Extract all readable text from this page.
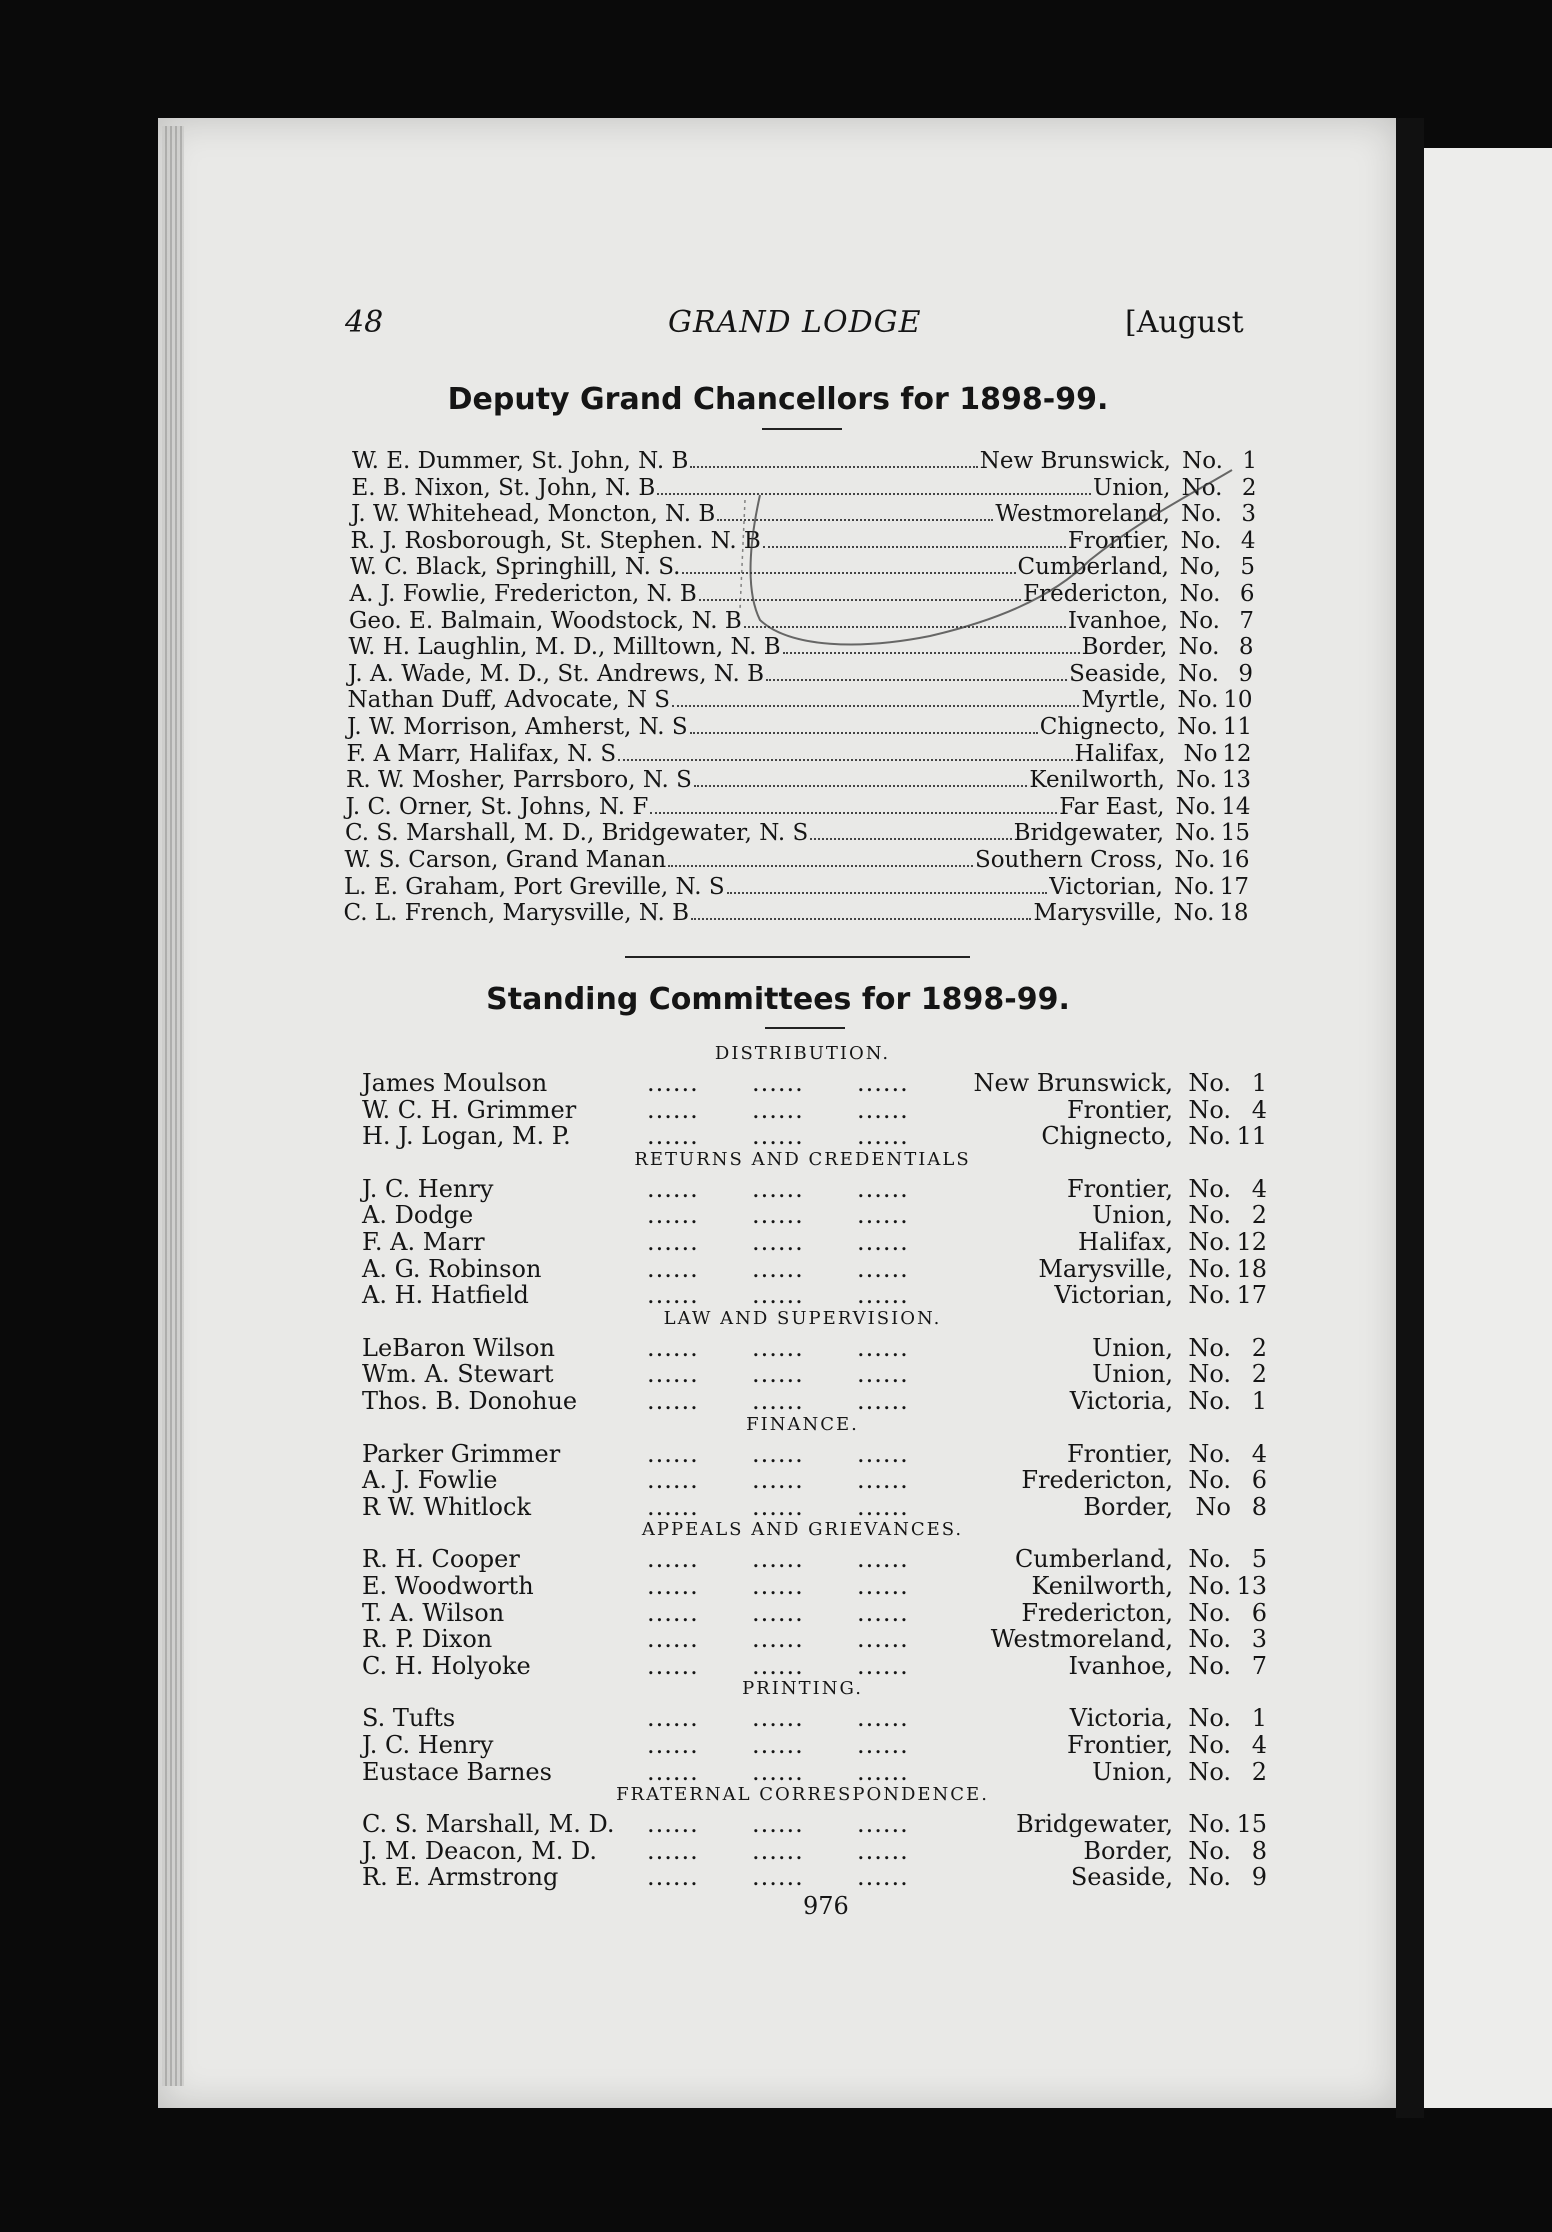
48	GRAND LODGE	[August
Deputy Grand Chancellors for 1898-99.
W. E. Dummer, St. John, N. B	New Brunswick, No. 1
E. B. Nixon, St. John, N. B	Union, No. 2
J. W. Whitehead, Moncton, N. B	Westmoreland, No. 3
R. J. Rosborough, St. Stephen. N. B	Frontier, No. 4
W. C. Black, Springhill, N. S.	Cumberland, No, 5
A. J. Fowlie, Fredericton, N. B	Fredericton, No. 6
Geo. E. Balmain, Woodstock, N. B	Ivanhoe, No. 7
W. H. Laughlin, M. D., Milltown, N. B	Border, No. 8
J. A. Wade, M. D., St. Andrews, N. B	Seaside, No. 9
Nathan Duff, Advocate, N S	Myrtle, No. 10
J. W. Morrison, Amherst, N. S	Chignecto, No. 11
F. A Marr, Halifax, N. S	Halifax, No 12
R. W. Mosher, Parrsboro, N. S	Kenilworth, No. 13
J. C. Orner, St. Johns, N. F	Far East, No. 14
C. S. Marshall, M. D., Bridgewater, N. S	Bridgewater, No. 15
W. S. Carson, Grand Manan	Southern Cross, No. 16
L. E. Graham, Port Greville, N. S	Victorian, No. 17
C. L. French, Marysville, N. B	Marysville, No. 18
Standing Committees for 1898-99.
DISTRIBUTION.
James Moulson	...... ...... ......	New Brunswick, No. 1
W. C. H. Grimmer	...... ...... ......	Frontier, No. 4
H. J. Logan, M. P.	...... ...... ......	Chignecto, No. 11
RETURNS AND CREDENTIALS
J. C. Henry	...... ...... ......	Frontier, No. 4
A. Dodge	...... ...... ......	Union, No. 2
F. A. Marr	...... ...... ......	Halifax, No. 12
A. G. Robinson	...... ...... ......	Marysville, No. 18
A. H. Hatfield	...... ...... ......	Victorian, No. 17
LAW AND SUPERVISION.
LeBaron Wilson	...... ...... ......	Union, No. 2
Wm. A. Stewart	...... ...... ......	Union, No. 2
Thos. B. Donohue	...... ...... ......	Victoria, No. 1
FINANCE.
Parker Grimmer	...... ...... ......	Frontier, No. 4
A. J. Fowlie	...... ...... ......	Fredericton, No. 6
R W. Whitlock	...... ...... ......	Border, No 8
APPEALS AND GRIEVANCES.
R. H. Cooper	...... ...... ......	Cumberland, No. 5
E. Woodworth	...... ...... ......	Kenilworth, No. 13
T. A. Wilson	...... ...... ......	Fredericton, No. 6
R. P. Dixon	...... ...... ......	Westmoreland, No. 3
C. H. Holyoke	...... ...... ......	Ivanhoe, No. 7
PRINTING.
S. Tufts	...... ...... ......	Victoria, No. 1
J. C. Henry	...... ...... ......	Frontier, No. 4
Eustace Barnes	...... ...... ......	Union, No. 2
FRATERNAL CORRESPONDENCE.
C. S. Marshall, M. D. ...... ...... ......	Bridgewater, No. 15
J. M. Deacon, M. D. ...... ...... ......	Border, No. 8
R. E. Armstrong	...... ...... ......	Seaside, No. 9
976
